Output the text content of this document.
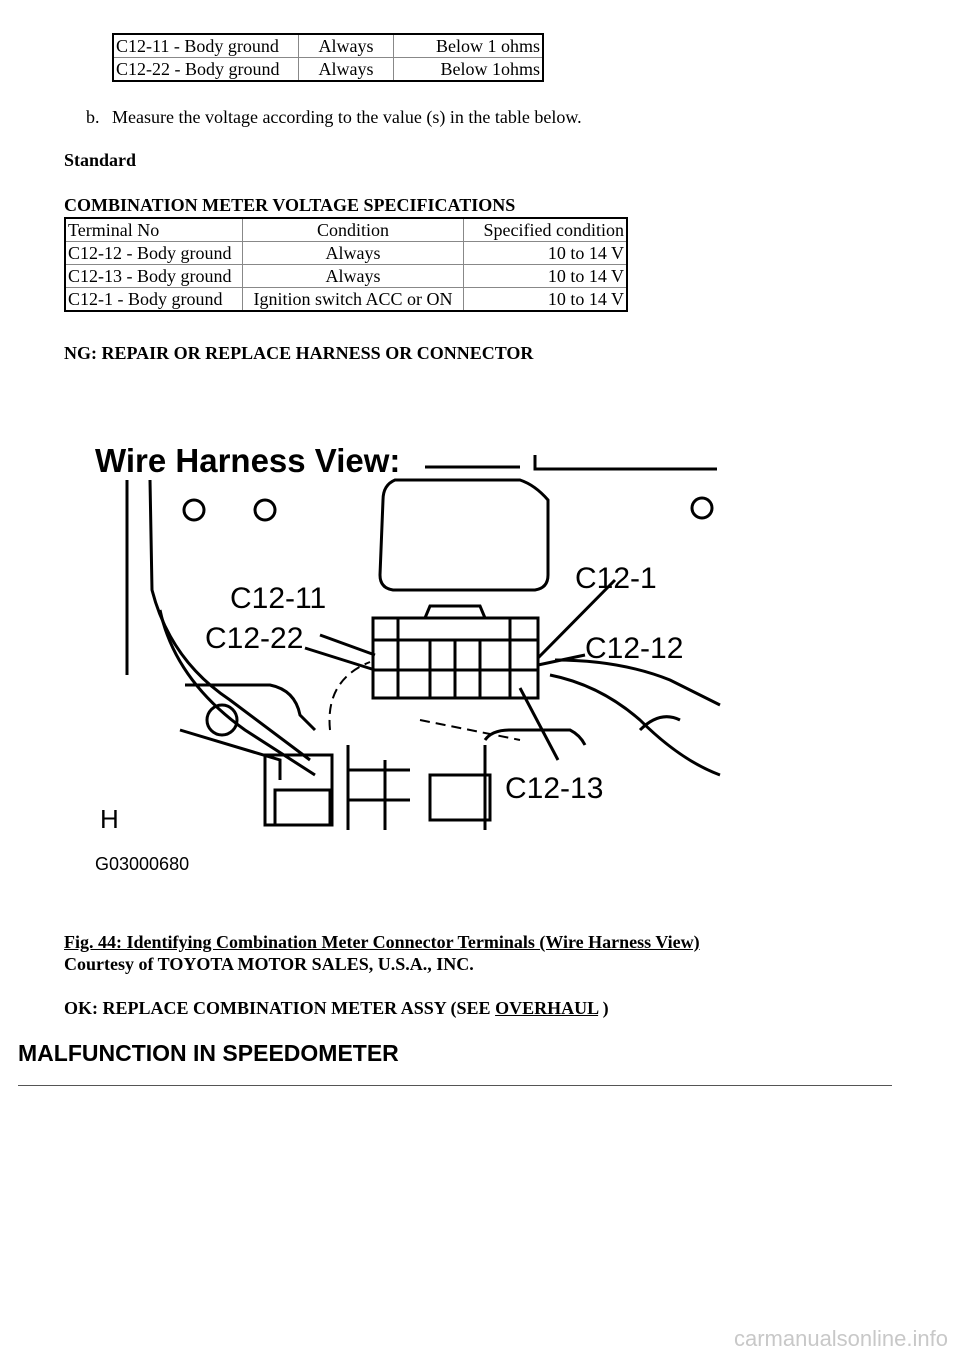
C12-11 - Body ground	Always	Below 1 ohms
C12-22 - Body ground	Always	Below 1ohms
b. Measure the voltage according to the value (s) in the table below.
Standard
COMBINATION METER VOLTAGE SPECIFICATIONS
Terminal No	Condition	Specified condition
C12-12 - Body ground	Always	10 to 14 V
C12-13 - Body ground	Always	10 to 14 V
C12-1 - Body ground	Ignition switch ACC or ON	10 to 14 V
NG: REPAIR OR REPLACE HARNESS OR CONNECTOR
Wire Harness View:
C12-11
C12-22
C12-1
C12-12
C12-13
H
G03000680
Fig. 44: Identifying Combination Meter Connector Terminals (Wire Harness View)
Courtesy of TOYOTA MOTOR SALES, U.S.A., INC.
OK: REPLACE COMBINATION METER ASSY (SEE OVERHAUL )
MALFUNCTION IN SPEEDOMETER
carmanualsonline.info
